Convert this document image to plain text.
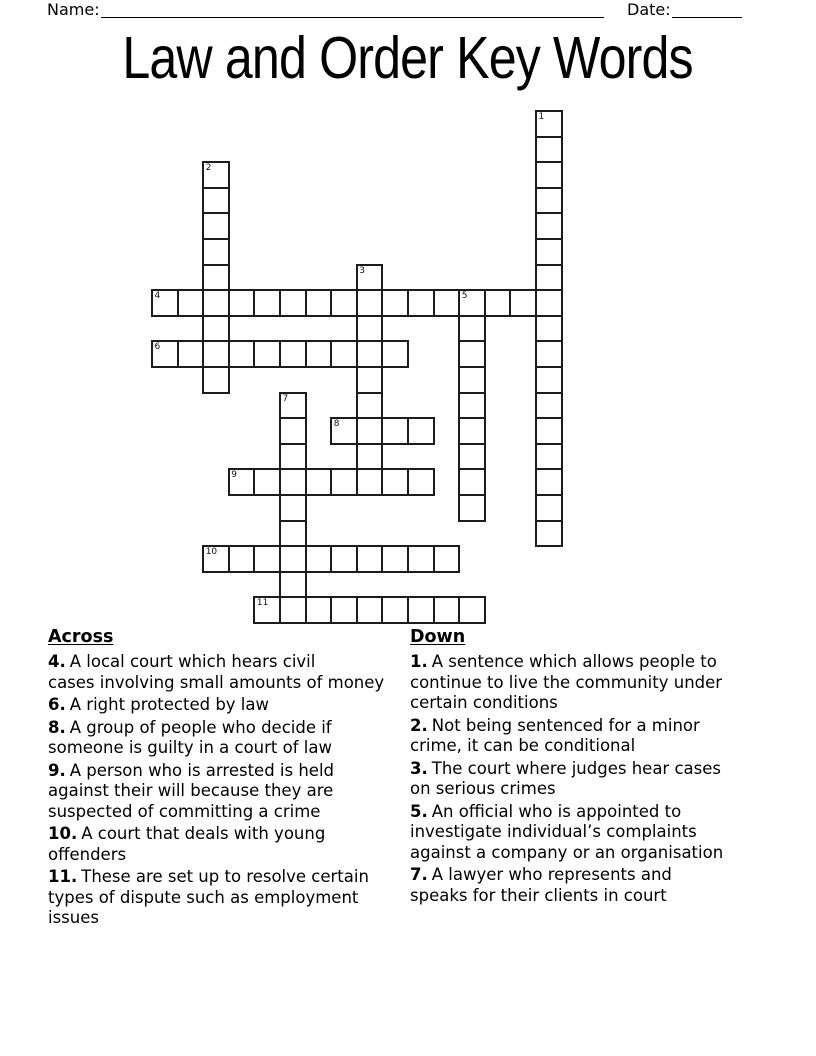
Name:	Date:
Law and Order Key Words
1
2
3
4	5
6
7
8
9
10
11
Across

4. A local court which hears civil
cases involving small amounts of money

6. A right protected by law

8. A group of people who decide if
someone is guilty in a court of law

9. A person who is arrested is held
against their will because they are
suspected of committing a crime

10. A court that deals with young
offenders

11. These are set up to resolve certain
types of dispute such as employment
issues

Down

1. A sentence which allows people to
continue to live the community under
certain conditions

2. Not being sentenced for a minor
crime, it can be conditional

3. The court where judges hear cases
on serious crimes

5. An official who is appointed to
investigate individual’s complaints
against a company or an organisation

7. A lawyer who represents and
speaks for their clients in court
